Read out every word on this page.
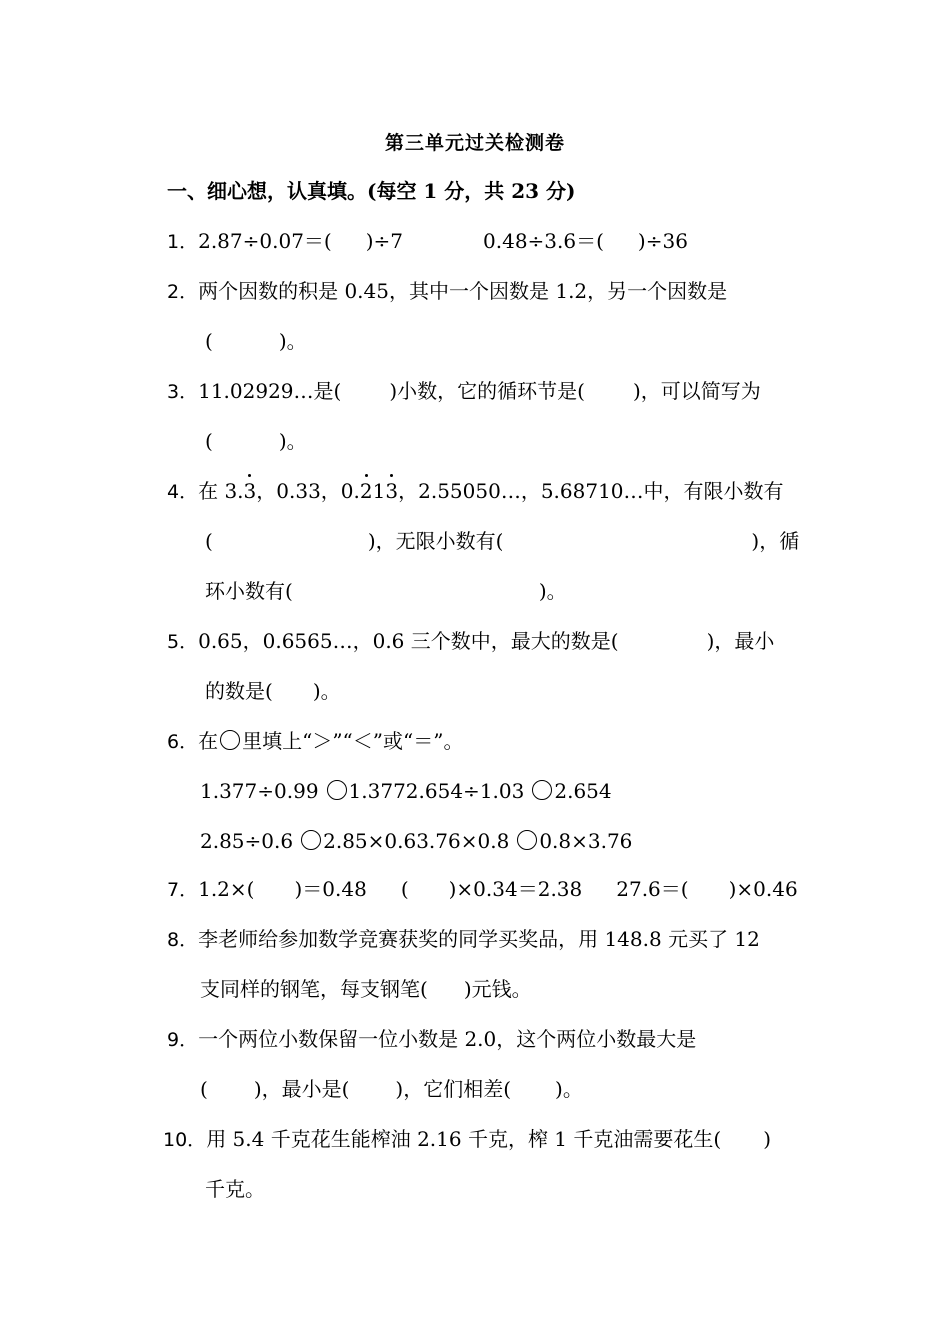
第三单元过关检测卷
一、细心想，认真填。(每空 1 分，共 23 分)
1．2.87÷0.07＝( )÷7	0.48÷3.6＝( )÷36
2．两个因数的积是 0.45，其中一个因数是 1.2，另一个因数是
(	)。
3．11.02929…是( )小数，它的循环节是( )，可以简写为
(	)。
4．在 3.3，0.33，0.213，2.55050…，5.68710…中，有限小数有
(	)，无限小数有(	)，循
环小数有(	)。
5．0.65，0.6565…，0.6 三个数中，最大的数是(	)，最小
的数是( )。
6．在 里填上“＞”“＜”或“＝”。
1.377÷0.99 1.3772.654÷1.03 2.654
2.85÷0.6 2.85×0.63.76×0.8 0.8×3.76
7．1.2×( )＝0.48 ( )×0.34＝2.38 27.6＝( )×0.46
8．李老师给参加数学竞赛获奖的同学买奖品，用 148.8 元买了 12
支同样的钢笔，每支钢笔( )元钱。
9．一个两位小数保留一位小数是 2.0，这个两位小数最大是
( )，最小是( )，它们相差( )。
10．用 5.4 千克花生能榨油 2.16 千克，榨 1 千克油需要花生( )
千克。
